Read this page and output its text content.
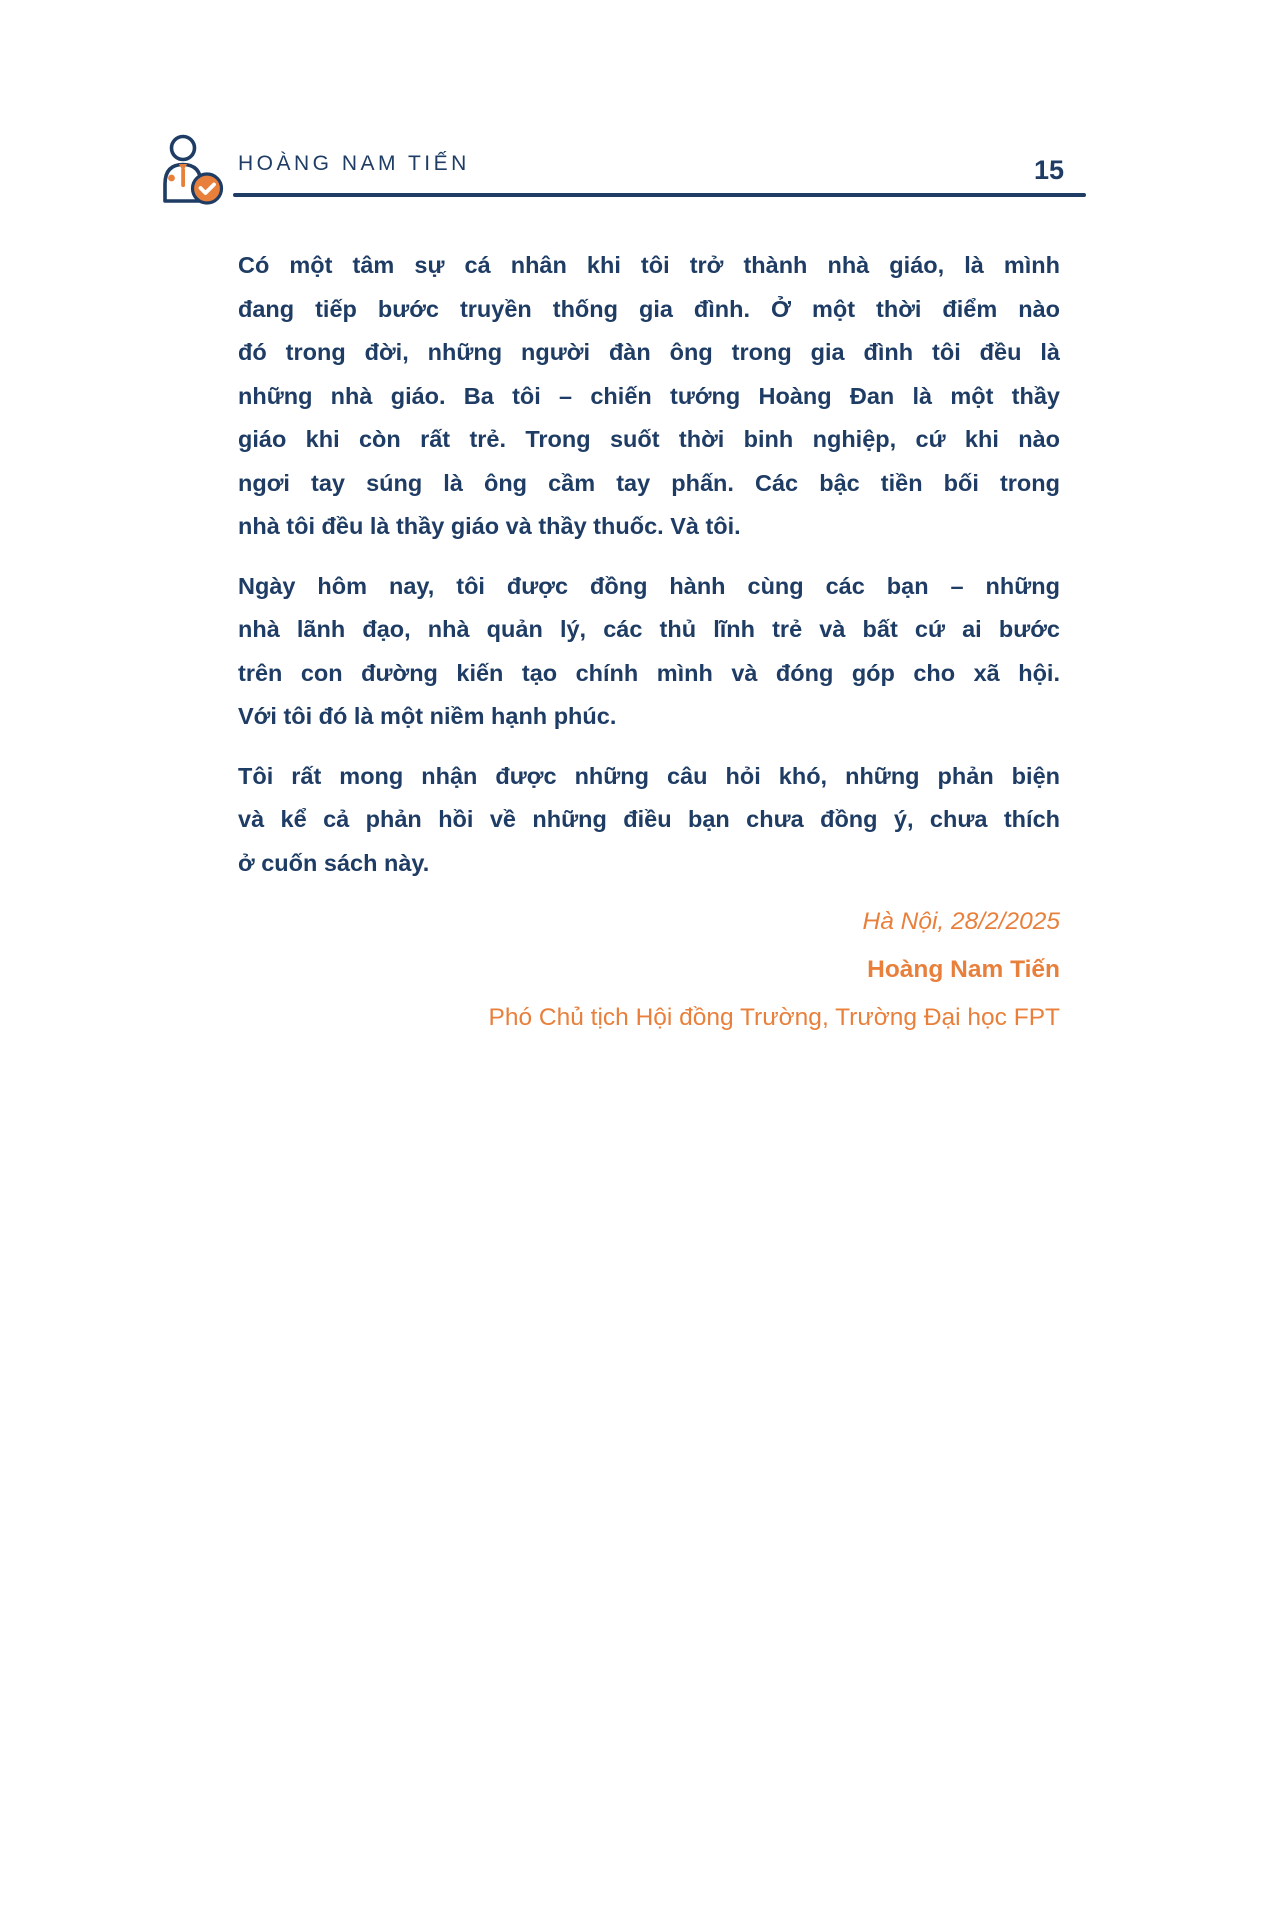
HOÀNG NAM TIẾN	15
Có một tâm sự cá nhân khi tôi trở thành nhà giáo, là mình
đang tiếp bước truyền thống gia đình. Ở một thời điểm nào
đó trong đời, những người đàn ông trong gia đình tôi đều là
những nhà giáo. Ba tôi – chiến tướng Hoàng Đan là một thầy
giáo khi còn rất trẻ. Trong suốt thời binh nghiệp, cứ khi nào
ngơi tay súng là ông cầm tay phấn. Các bậc tiền bối trong
nhà tôi đều là thầy giáo và thầy thuốc. Và tôi.
Ngày hôm nay, tôi được đồng hành cùng các bạn – những
nhà lãnh đạo, nhà quản lý, các thủ lĩnh trẻ và bất cứ ai bước
trên con đường kiến tạo chính mình và đóng góp cho xã hội.
Với tôi đó là một niềm hạnh phúc.
Tôi rất mong nhận được những câu hỏi khó, những phản biện
và kể cả phản hồi về những điều bạn chưa đồng ý, chưa thích
ở cuốn sách này.
Hà Nội, 28/2/2025
Hoàng Nam Tiến
Phó Chủ tịch Hội đồng Trường, Trường Đại học FPT
